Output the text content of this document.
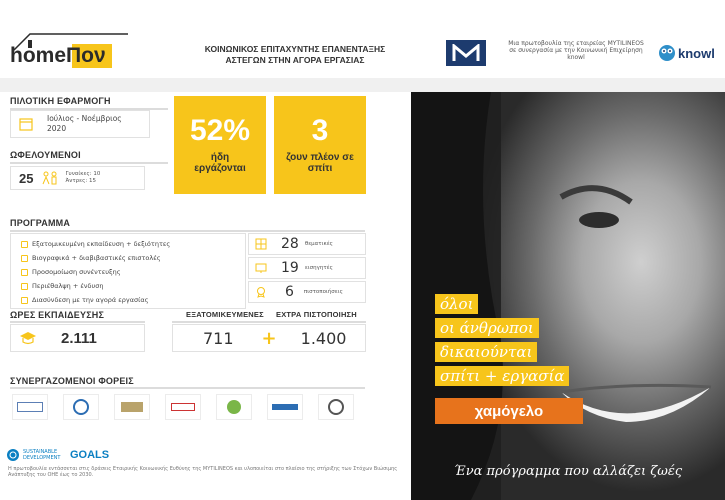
homeΠον	ΚΟΙΝΩΝΙΚΟΣ ΕΠΙΤΑΧΥΝΤΗΣ ΕΠΑΝΕΝΤΑΞΗΣ
ΑΣΤΕΓΩΝ ΣΤΗΝ ΑΓΟΡΑ ΕΡΓΑΣΙΑΣ
Μια πρωτοβουλία της εταιρείας MYTILINEOS σε συνεργασία με την Κοινωνική Επιχείρηση knowl	knowl
ΠΙΛΟΤΙΚΗ ΕΦΑΡΜΟΓΗ
Ιούλιος - Νοέμβριος 2020
ΩΦΕΛΟΥΜΕΝΟΙ
25	Γυναίκες: 10
Άντρες: 15
52%
ήδη εργάζονται
3
ζουν πλέον σε σπίτι
ΠΡΟΓΡΑΜΜΑ
Εξατομικευμένη εκπαίδευση + δεξιότητες
Βιογραφικά + διαβιβαστικές επιστολές
Προσομοίωση συνέντευξης
Περιέθαλψη + ένδυση
Διασύνδεση με την αγορά εργασίας
28 θεματικές
19 εισηγητές
6 πιστοποιήσεις
ΩΡΕΣ ΕΚΠΑΙΔΕΥΣΗΣ
2.111
ΕΞΑΤΟΜΙΚΕΥΜΕΝΕΣ ΕΧΤΡΑ ΠΙΣΤΟΠΟΙΗΣΗ
711 + 1.400
ΣΥΝΕΡΓΑΖΟΜΕΝΟΙ ΦΟΡΕΙΣ
SUSTAINABLE DEVELOPMENT GOALS
Η πρωτοβουλία εντάσσεται στις δράσεις Εταιρικής Κοινωνικής Ευθύνης της MYTILINEOS και υλοποιείται στο πλαίσιο της στήριξης των Στόχων Βιώσιμης Ανάπτυξης του ΟΗΕ έως το 2030.
όλοι
οι άνθρωποι
δικαιούνται
σπίτι + εργασία
χαμόγελο
Ένα πρόγραμμα που αλλάζει ζωές
